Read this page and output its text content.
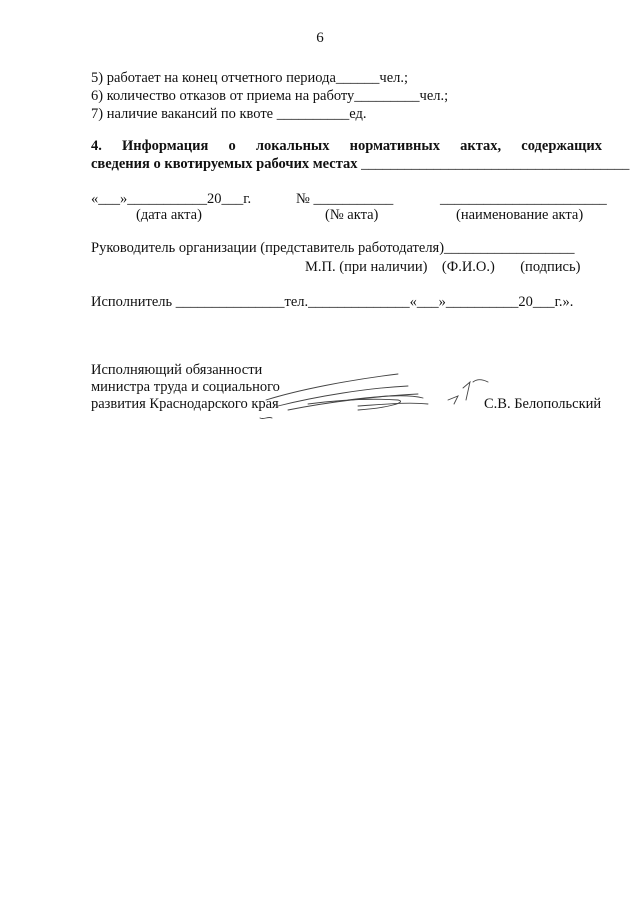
6
5) работает на конец отчетного периода______чел.;
6) количество отказов от приема на работу_________чел.;
7) наличие вакансий по квоте __________ед.
4. Информация о локальных нормативных актах, содержащих
сведения о квотируемых рабочих местах _____________________________________
«___»___________20___г.	№ ___________	_______________________
(дата акта)	(№ акта)	(наименование акта)
Руководитель организации (представитель работодателя)__________________
М.П. (при наличии)    (Ф.И.О.)       (подпись)
Исполнитель _______________тел.______________«___»__________20___г.».
Исполняющий обязанности
министра труда и социального
развития Краснодарского края	С.В. Белопольский
